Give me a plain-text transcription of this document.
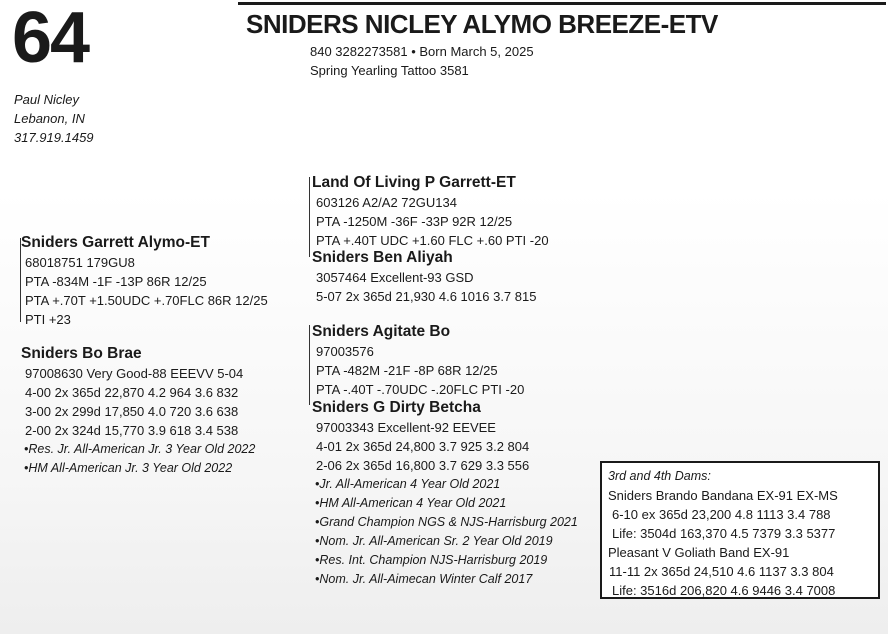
64	SNIDERS NICLEY ALYMO BREEZE-ETV
840 3282273581 • Born March 5, 2025
Spring Yearling Tattoo 3581
Paul Nicley
Lebanon, IN
317.919.1459
Sniders Garrett Alymo-ET
68018751 179GU8
PTA -834M -1F -13P 86R 12/25
PTA +.70T +1.50UDC +.70FLC 86R 12/25
PTI +23
Land Of Living P Garrett-ET
603126 A2/A2 72GU134
PTA -1250M -36F -33P 92R 12/25
PTA +.40T UDC +1.60 FLC +.60 PTI -20
Sniders Ben Aliyah
3057464 Excellent-93 GSD
5-07 2x 365d 21,930 4.6 1016 3.7 815
Sniders Bo Brae
97008630 Very Good-88 EEEVV 5-04
4-00 2x 365d 22,870 4.2 964 3.6 832
3-00 2x 299d 17,850 4.0 720 3.6 638
2-00 2x 324d 15,770 3.9 618 3.4 538
•Res. Jr. All-American Jr. 3 Year Old 2022
•HM All-American Jr. 3 Year Old 2022
Sniders Agitate Bo
97003576
PTA -482M -21F -8P 68R 12/25
PTA -.40T -.70UDC -.20FLC PTI -20
Sniders G Dirty Betcha
97003343 Excellent-92 EEVEE
4-01 2x 365d 24,800 3.7 925 3.2 804
2-06 2x 365d 16,800 3.7 629 3.3 556
•Jr. All-American 4 Year Old 2021
•HM All-American 4 Year Old 2021
•Grand Champion NGS & NJS-Harrisburg 2021
•Nom. Jr. All-American Sr. 2 Year Old 2019
•Res. Int. Champion NJS-Harrisburg 2019
•Nom. Jr. All-Aimecan Winter Calf 2017
3rd and 4th Dams:
Sniders Brando Bandana EX-91 EX-MS
6-10 ex 365d 23,200 4.8 1113 3.4 788
Life: 3504d 163,370 4.5 7379 3.3 5377
Pleasant V Goliath Band EX-91
11-11 2x 365d 24,510 4.6 1137 3.3 804
Life: 3516d 206,820 4.6 9446 3.4 7008
